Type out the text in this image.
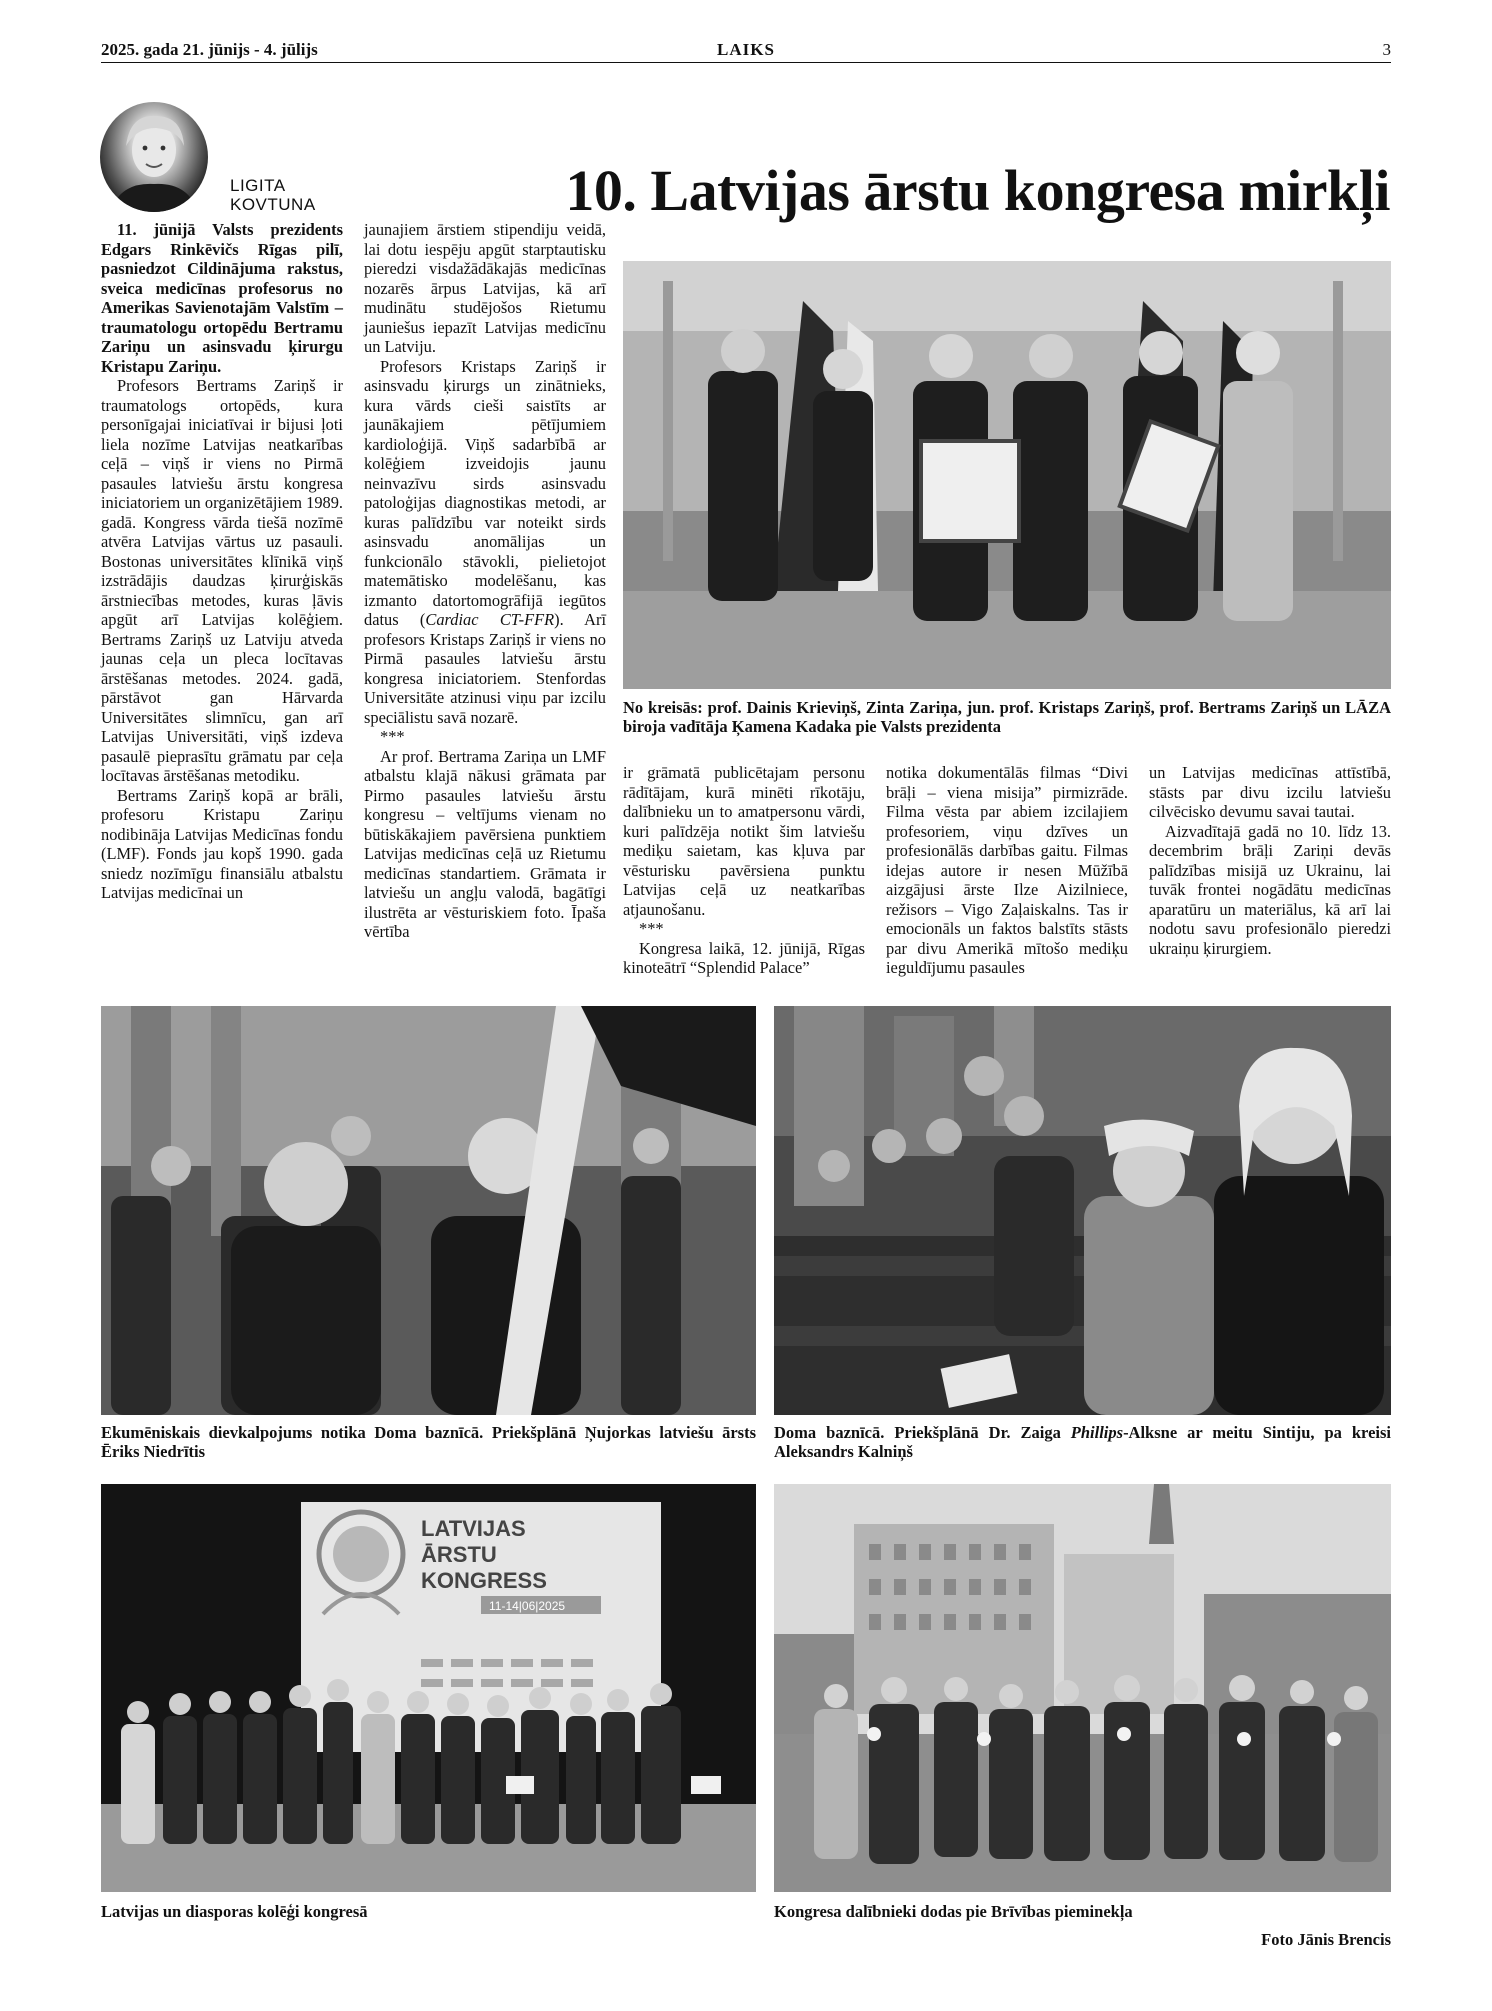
2025. gada 21. jūnijs - 4. jūlijs	LAIKS	3
LIGITA
KOVTUNA	10. Latvijas ārstu kongresa mirkļi

11. jūnijā Valsts prezidents Edgars Rinkēvičs Rīgas pilī, pasniedzot Cildinājuma rakstus, sveica medicīnas profesorus no Amerikas Savienotajām Valstīm – traumatologu ortopēdu Bertramu Zariņu un asinsvadu ķirurgu Kristapu Zariņu.

Profesors Bertrams Zariņš ir traumatologs ortopēds, kura personīgajai iniciatīvai ir bijusi ļoti liela nozīme Latvijas neatkarības ceļā – viņš ir viens no Pirmā pasaules latviešu ārstu kongresa iniciatoriem un organizētājiem 1989. gadā. Kongress vārda tiešā nozīmē atvēra Latvijas vārtus uz pasauli. Bostonas universitātes klīnikā viņš izstrādājis daudzas ķirurģiskās ārstniecības metodes, kuras ļāvis apgūt arī Latvijas kolēģiem. Bertrams Zariņš uz Latviju atveda jaunas ceļa un pleca locītavas ārstēšanas metodes. 2024. gadā, pārstāvot gan Hārvarda Universitātes slimnīcu, gan arī Latvijas Universitāti, viņš izdeva pasaulē pieprasītu grāmatu par ceļa locītavas ārstēšanas metodiku.

Bertrams Zariņš kopā ar brāli, profesoru Kristapu Zariņu nodibināja Latvijas Medicīnas fondu (LMF). Fonds jau kopš 1990. gada sniedz nozīmīgu finansiālu atbalstu Latvijas medicīnai un

jaunajiem ārstiem stipendiju veidā, lai dotu iespēju apgūt starptautisku pieredzi visdažādākajās medicīnas nozarēs ārpus Latvijas, kā arī mudinātu studējošos Rietumu jauniešus iepazīt Latvijas medicīnu un Latviju.

Profesors Kristaps Zariņš ir asinsvadu ķirurgs un zinātnieks, kura vārds cieši saistīts ar jaunākajiem pētījumiem kardioloģijā. Viņš sadarbībā ar kolēģiem izveidojis jaunu neinvazīvu sirds asinsvadu patoloģijas diagnostikas metodi, ar kuras palīdzību var noteikt sirds asinsvadu anomālijas un funkcionālo stāvokli, pielietojot matemātisko modelēšanu, kas izmanto datortomogrāfijā iegūtos datus (Cardiac CT-FFR). Arī profesors Kristaps Zariņš ir viens no Pirmā pasaules latviešu ārstu kongresa iniciatoriem. Stenfordas Universitāte atzinusi viņu par izcilu speciālistu savā nozarē.

***

Ar prof. Bertrama Zariņa un LMF atbalstu klajā nākusi grāmata par Pirmo pasaules latviešu ārstu kongresu – veltījums vienam no būtiskākajiem pavērsiena punktiem Latvijas medicīnas ceļā uz Rietumu medicīnas standartiem. Grāmata ir latviešu un angļu valodā, bagātīgi ilustrēta ar vēsturiskiem foto. Īpaša vērtība

No kreisās: prof. Dainis Krieviņš, Zinta Zariņa, jun. prof. Kristaps Zariņš, prof. Bertrams Zariņš un LĀZA biroja vadītāja Ķamena Kadaka pie Valsts prezidenta

ir grāmatā publicētajam personu rādītājam, kurā minēti rīkotāju, dalībnieku un to amatpersonu vārdi, kuri palīdzēja notikt šim latviešu mediķu saietam, kas kļuva par vēsturisku pavērsiena punktu Latvijas ceļā uz neatkarības atjaunošanu.

***

Kongresa laikā, 12. jūnijā, Rīgas kinoteātrī “Splendid Palace”

notika dokumentālās filmas “Divi brāļi – viena misija” pirmizrāde. Filma vēsta par abiem izcilajiem profesoriem, viņu dzīves un profesionālās darbības gaitu. Filmas idejas autore ir nesen Mūžībā aizgājusi ārste Ilze Aizilniece, režisors – Vigo Zaļaiskalns. Tas ir emocionāls un faktos balstīts stāsts par divu Amerikā mītošo mediķu ieguldījumu pasaules

un Latvijas medicīnas attīstībā, stāsts par divu izcilu latviešu cilvēcisko devumu savai tautai.

Aizvadītajā gadā no 10. līdz 13. decembrim brāļi Zariņi devās palīdzības misijā uz Ukrainu, lai tuvāk frontei nogādātu medicīnas aparatūru un materiālus, kā arī lai nodotu savu profesionālo pieredzi ukraiņu ķirurgiem.

Ekumēniskais dievkalpojums notika Doma baznīcā. Priekšplānā Ņujorkas latviešu ārsts Ēriks Niedrītis
Doma baznīcā. Priekšplānā Dr. Zaiga Phillips-Alksne ar meitu Sintiju, pa kreisi Aleksandrs Kalniņš
LATVIJAS
ĀRSTU
KONGRESS
11-14|06|2025
Latvijas un diasporas kolēģi kongresā	Kongresa dalībnieki dodas pie Brīvības pieminekļa
Foto Jānis Brencis
